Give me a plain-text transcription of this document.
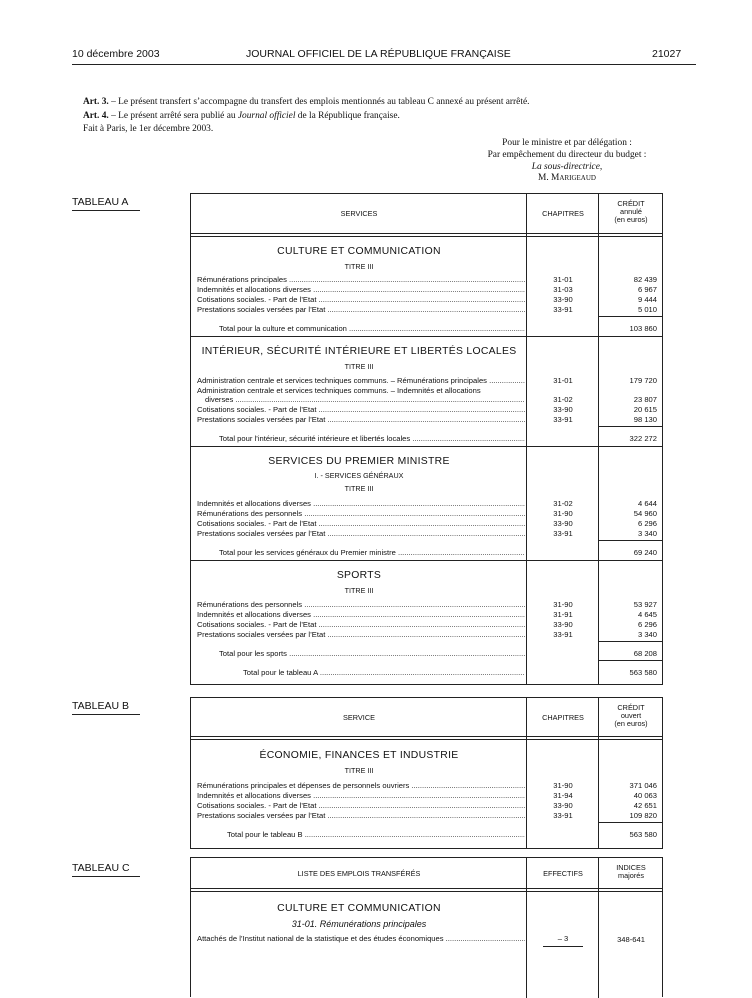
10 décembre 2003	JOURNAL OFFICIEL DE LA RÉPUBLIQUE FRANÇAISE	21027
Art. 3. – Le présent transfert s’accompagne du transfert des emplois mentionnés au tableau C annexé au présent arrêté.
Art. 4. – Le présent arrêté sera publié au Journal officiel de la République française.
Fait à Paris, le 1er décembre 2003.
Pour le ministre et par délégation :
Par empêchement du directeur du budget :
La sous-directrice,
M. Marigeaud
TABLEAU A
SERVICES	CHAPITRES
CRÉDIT
annulé
(en euros)
CULTURE ET COMMUNICATION
TITRE III
Rémunérations principales .....	31-01	82 439
Indemnités et allocations diverses .....	31-03	6 967
Cotisations sociales. - Part de l’Etat .....	33-90	9 444
Prestations sociales versées par l’Etat .....	33-91	5 010
Total pour la culture et communication .....	103 860
INTÉRIEUR, SÉCURITÉ INTÉRIEURE ET LIBERTÉS LOCALES
TITRE III
Administration centrale et services techniques communs. – Rémunérations principales .....	31-01	179 720
Administration centrale et services techniques communs. – Indemnités et allocations
diverses .....	31-02	23 807
Cotisations sociales. - Part de l’Etat .....	33-90	20 615
Prestations sociales versées par l’Etat .....	33-91	98 130
Total pour l’intérieur, sécurité intérieure et libertés locales .....	322 272
SERVICES DU PREMIER MINISTRE
I. - SERVICES GÉNÉRAUX
TITRE III
Indemnités et allocations diverses .....	31-02	4 644
Rémunérations des personnels .....	31-90	54 960
Cotisations sociales. - Part de l’Etat .....	33-90	6 296
Prestations sociales versées par l’Etat .....	33-91	3 340
Total pour les services généraux du Premier ministre .....	69 240
SPORTS
TITRE III
Rémunérations des personnels .....	31-90	53 927
Indemnités et allocations diverses .....	31-91	4 645
Cotisations sociales. - Part de l’Etat .....	33-90	6 296
Prestations sociales versées par l’Etat .....	33-91	3 340
Total pour les sports .....	68 208
Total pour le tableau A .....	563 580
TABLEAU B
SERVICE	CHAPITRES
CRÉDIT
ouvert
(en euros)
ÉCONOMIE, FINANCES ET INDUSTRIE
TITRE III
Rémunérations principales et dépenses de personnels ouvriers .....	31-90	371 046
Indemnités et allocations diverses .....	31-94	40 063
Cotisations sociales. - Part de l’Etat .....	33-90	42 651
Prestations sociales versées par l’Etat .....	33-91	109 820
Total pour le tableau B .....	563 580
TABLEAU C	LISTE DES EMPLOIS TRANSFÉRÉS	EFFECTIFS
INDICES
majorés
CULTURE ET COMMUNICATION
31-01. Rémunérations principales
Attachés de l’Institut national de la statistique et des études économiques .....	– 3	348-641
